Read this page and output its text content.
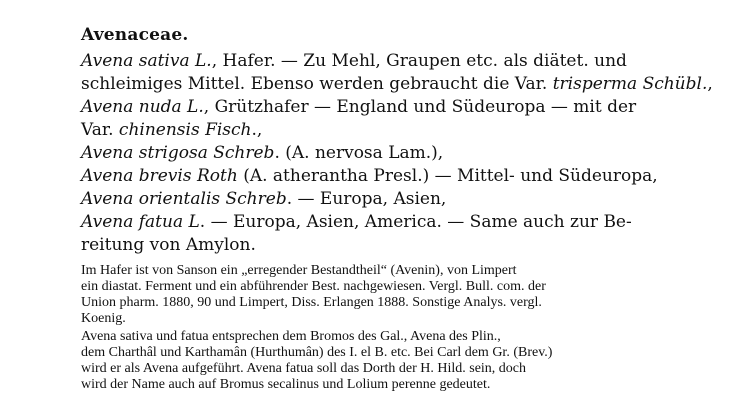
Avenaceae.
Avena sativa L., Hafer. — Zu Mehl, Graupen etc. als diätet. und
schleimiges Mittel. Ebenso werden gebraucht die Var. trisperma Schübl.,
Avena nuda L., Grützhafer — England und Südeuropa — mit der
Var. chinensis Fisch.,
Avena strigosa Schreb. (A. nervosa Lam.),
Avena brevis Roth (A. atherantha Presl.) — Mittel- und Südeuropa,
Avena orientalis Schreb. — Europa, Asien,
Avena fatua L. — Europa, Asien, America. — Same auch zur Be-
reitung von Amylon.
Im Hafer ist von Sanson ein „erregender Bestandtheil“ (Avenin), von Limpert
ein diastat. Ferment und ein abführender Best. nachgewiesen. Vergl. Bull. com. der
Union pharm. 1880, 90 und Limpert, Diss. Erlangen 1888. Sonstige Analys. vergl.
Koenig.
Avena sativa und fatua entsprechen dem Bromos des Gal., Avena des Plin.,
dem Charthâl und Karthamân (Hurthumân) des I. el B. etc. Bei Carl dem Gr. (Brev.)
wird er als Avena aufgeführt. Avena fatua soll das Dorth der H. Hild. sein, doch
wird der Name auch auf Bromus secalinus und Lolium perenne gedeutet.
